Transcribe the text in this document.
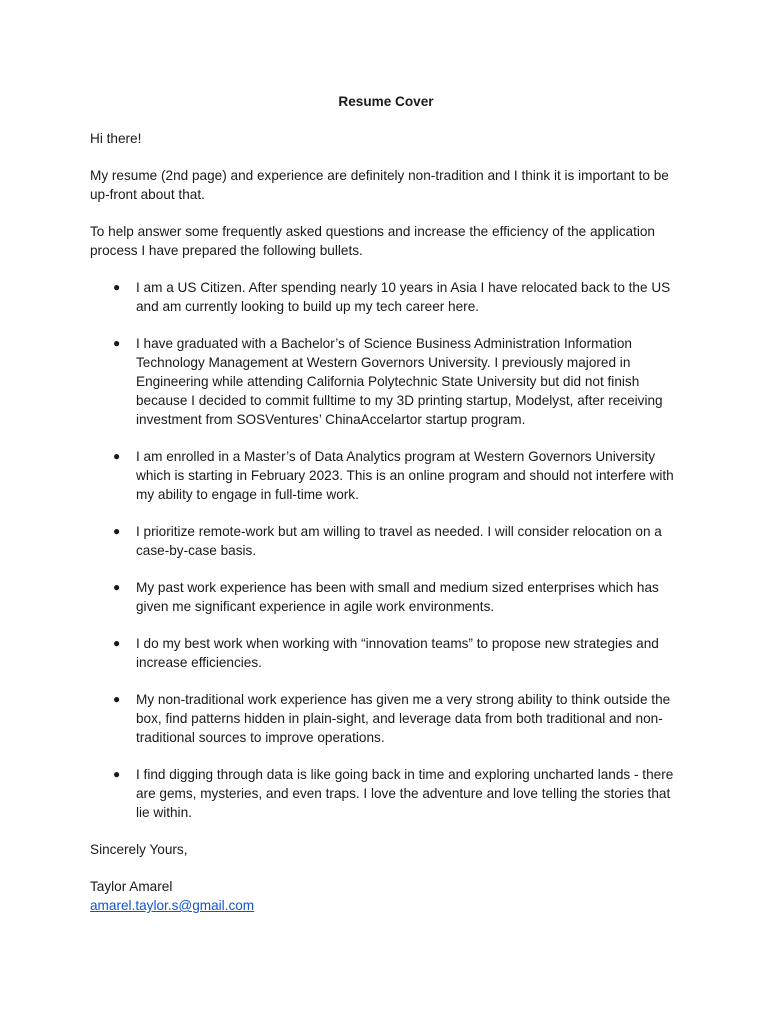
Resume Cover
Hi there!
My resume (2nd page) and experience are definitely non-tradition and I think it is important to be up-front about that.
To help answer some frequently asked questions and increase the efficiency of the application process I have prepared the following bullets.
● I am a US Citizen. After spending nearly 10 years in Asia I have relocated back to the US and am currently looking to build up my tech career here.
● I have graduated with a Bachelor’s of Science Business Administration Information Technology Management at Western Governors University. I previously majored in Engineering while attending California Polytechnic State University but did not finish because I decided to commit fulltime to my 3D printing startup, Modelyst, after receiving investment from SOSVentures’ ChinaAccelartor startup program.
● I am enrolled in a Master’s of Data Analytics program at Western Governors University which is starting in February 2023. This is an online program and should not interfere with my ability to engage in full-time work.
● I prioritize remote-work but am willing to travel as needed. I will consider relocation on a case-by-case basis.
● My past work experience has been with small and medium sized enterprises which has given me significant experience in agile work environments.
● I do my best work when working with “innovation teams” to propose new strategies and increase efficiencies.
● My non-traditional work experience has given me a very strong ability to think outside the box, find patterns hidden in plain-sight, and leverage data from both traditional and non-traditional sources to improve operations.
● I find digging through data is like going back in time and exploring uncharted lands - there are gems, mysteries, and even traps. I love the adventure and love telling the stories that lie within.
Sincerely Yours,
Taylor Amarel
amarel.taylor.s@gmail.com
